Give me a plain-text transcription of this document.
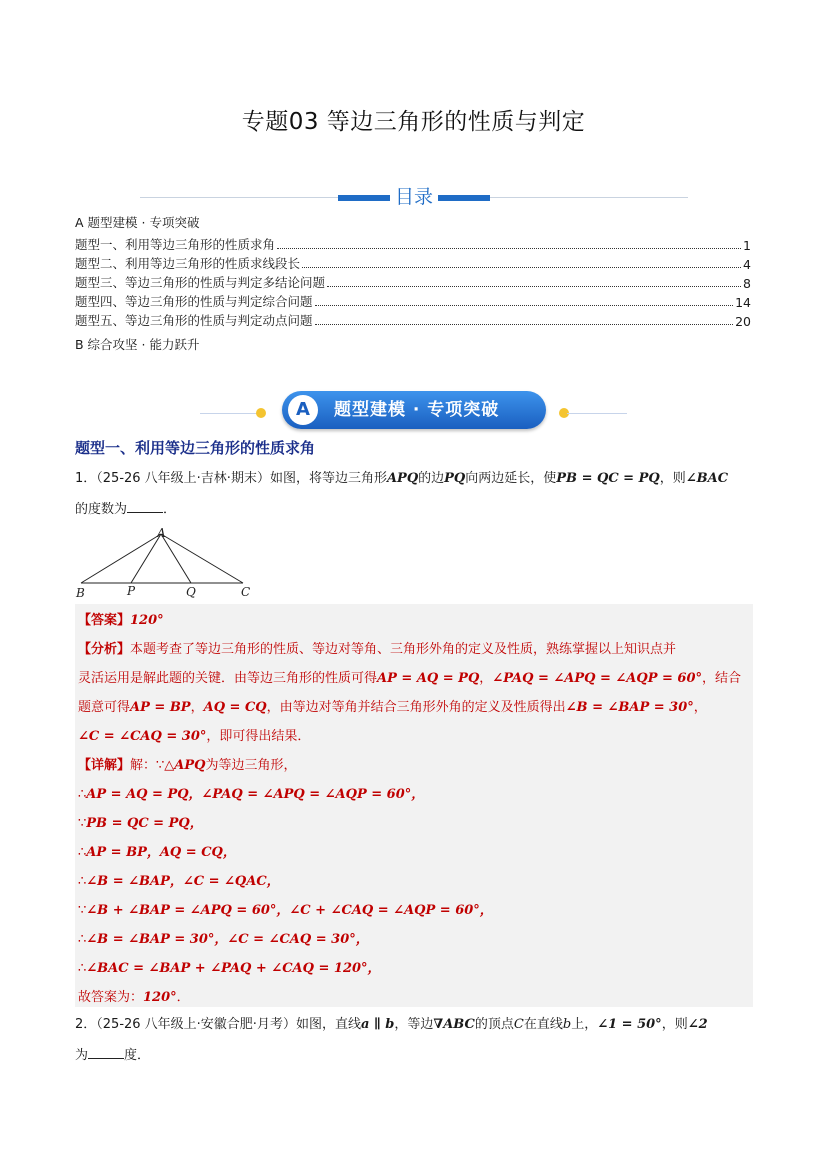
专题03 等边三角形的性质与判定
目录
A 题型建模 · 专项突破
题型一、利用等边三角形的性质求角	1
题型二、利用等边三角形的性质求线段长	4
题型三、等边三角形的性质与判定多结论问题	8
题型四、等边三角形的性质与判定综合问题	14
题型五、等边三角形的性质与判定动点问题	20
B 综合攻坚 · 能力跃升
A	题型建模 · 专项突破
题型一、利用等边三角形的性质求角
1．（25-26 八年级上·吉林·期末）如图，将等边三角形APQ的边PQ向两边延长，使PB = QC = PQ，则∠BAC
的度数为	．
A
B	P	Q	C
【答案】120°
【分析】本题考查了等边三角形的性质、等边对等角、三角形外角的定义及性质，熟练掌握以上知识点并
灵活运用是解此题的关键．由等边三角形的性质可得AP = AQ = PQ，∠PAQ = ∠APQ = ∠AQP = 60°，结合
题意可得AP = BP，AQ = CQ，由等边对等角并结合三角形外角的定义及性质得出∠B = ∠BAP = 30°，
∠C = ∠CAQ = 30°，即可得出结果．
【详解】解：∵△APQ为等边三角形，
∴AP = AQ = PQ，∠PAQ = ∠APQ = ∠AQP = 60°，
∵PB = QC = PQ，
∴AP = BP，AQ = CQ，
∴∠B = ∠BAP，∠C = ∠QAC，
∵∠B + ∠BAP = ∠APQ = 60°，∠C + ∠CAQ = ∠AQP = 60°，
∴∠B = ∠BAP = 30°，∠C = ∠CAQ = 30°，
∴∠BAC = ∠BAP + ∠PAQ + ∠CAQ = 120°，
故答案为：120°．
2．（25-26 八年级上·安徽合肥·月考）如图，直线a ∥ b，等边∇ABC的顶点C在直线b上，∠1 = 50°，则∠2
为	度．
